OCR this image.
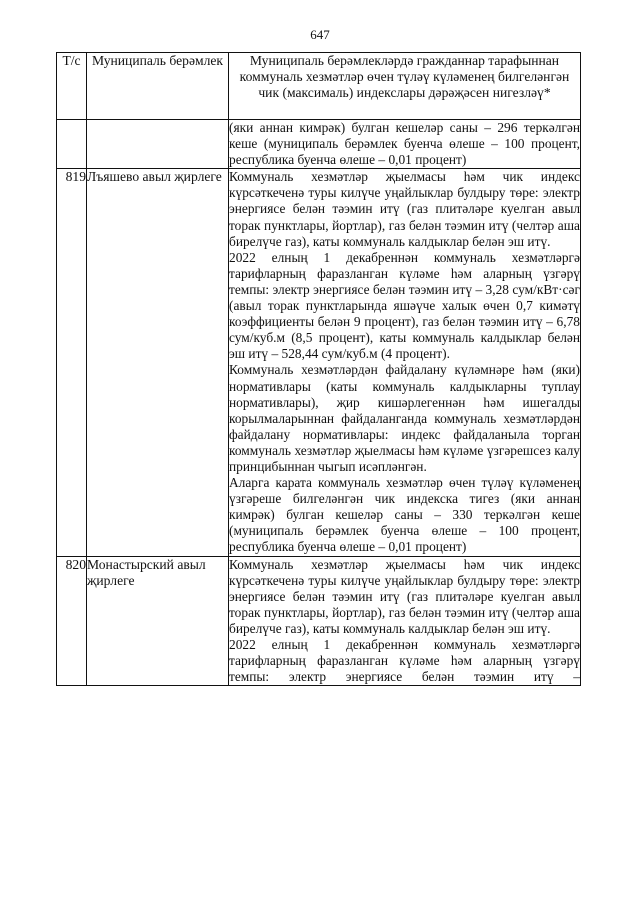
647
Т/с	Муниципаль берәмлек	Муниципаль берәмлекләрдә гражданнар тарафыннан коммуналь хезмәтләр өчен түләү күләменең билгеләнгән чик (максималь) индекслары дәрәҗәсен нигезләү*

		(яки аннан кимрәк) булган кешеләр саны – 296 теркәлгән кеше (муниципаль берәмлек буенча өлеше – 100 процент, республика буенча өлеше – 0,01 процент)

819	Лъяшево авыл җирлеге	Коммуналь хезмәтләр җыелмасы һәм чик индекс күрсәткеченә туры килүче уңайлыклар булдыру төре: электр энергиясе белән тәэмин итү (газ плитәләре куелган авыл торак пунктлары, йортлар), газ белән тәэмин итү (челтәр аша бирелүче газ), каты коммуналь калдыклар белән эш итү.

2022 елның 1 декабреннән коммуналь хезмәтләргә тарифларның фаразланган күләме һәм аларның үзгәрү темпы: электр энергиясе белән тәэмин итү – 3,28 сум/кВт·сәг (авыл торак пунктларында яшәүче халык өчен 0,7 кимәтү коэффициенты белән 9 процент), газ белән тәэмин итү – 6,78 сум/куб.м (8,5 процент), каты коммуналь калдыклар белән эш итү – 528,44 сум/куб.м (4 процент).

Коммуналь хезмәтләрдән файдалану күләмнәре һәм (яки) нормативлары (каты коммуналь калдыкларны туплау нормативлары), җир кишәрлегеннән һәм ишегалды корылмаларыннан файдаланганда коммуналь хезмәтләрдән файдалану нормативлары: индекс файдаланыла торган коммуналь хезмәтләр җыелмасы һәм күләме үзгәрешсез калу принцибыннан чыгып исәпләнгән.

Аларга карата коммуналь хезмәтләр өчен түләү күләменең үзгәреше билгеләнгән чик индекска тигез (яки аннан кимрәк) булган кешеләр саны – 330 теркәлгән кеше (муниципаль берәмлек буенча өлеше – 100 процент, республика буенча өлеше – 0,01 процент)

820	Монастырский авыл җирлеге	Коммуналь хезмәтләр җыелмасы һәм чик индекс күрсәткеченә туры килүче уңайлыклар булдыру төре: электр энергиясе белән тәэмин итү (газ плитәләре куелган авыл торак пунктлары, йортлар), газ белән тәэмин итү (челтәр аша бирелүче газ), каты коммуналь калдыклар белән эш итү.

2022 елның 1 декабреннән коммуналь хезмәтләргә тарифларның фаразланган күләме һәм аларның үзгәрү темпы: электр энергиясе белән тәэмин итү –
